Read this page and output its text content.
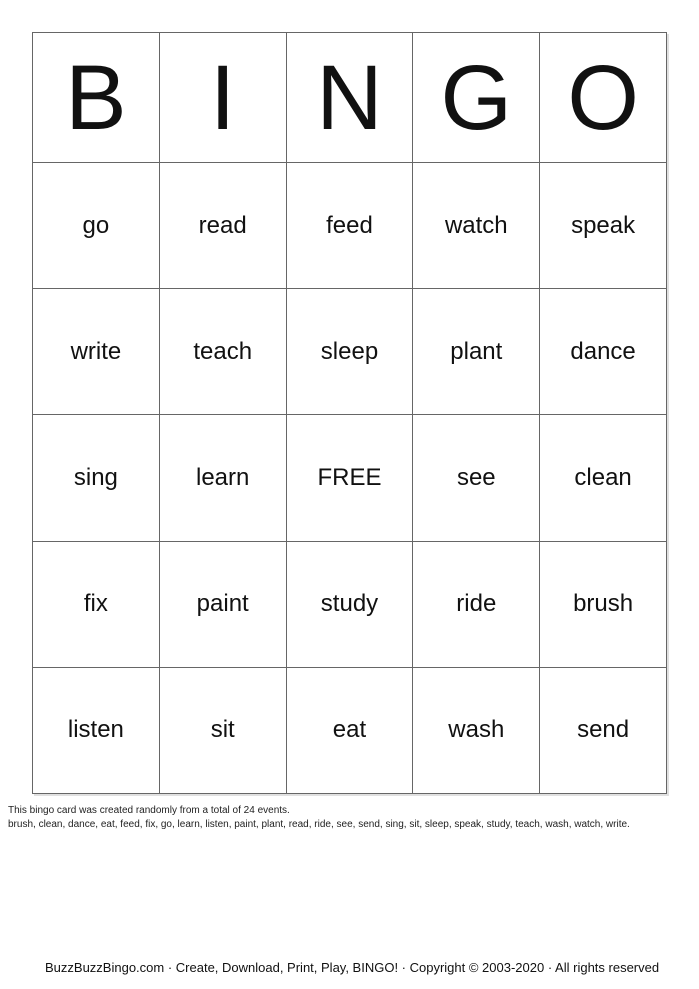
B	I	N	G	O
go	read	feed	watch	speak
write	teach	sleep	plant	dance
sing	learn	FREE	see	clean
fix	paint	study	ride	brush
listen	sit	eat	wash	send
This bingo card was created randomly from a total of 24 events.
brush, clean, dance, eat, feed, fix, go, learn, listen, paint, plant, read, ride, see, send, sing, sit, sleep, speak, study, teach, wash, watch, write.
BuzzBuzzBingo.com · Create, Download, Print, Play, BINGO! · Copyright © 2003-2020 · All rights reserved
